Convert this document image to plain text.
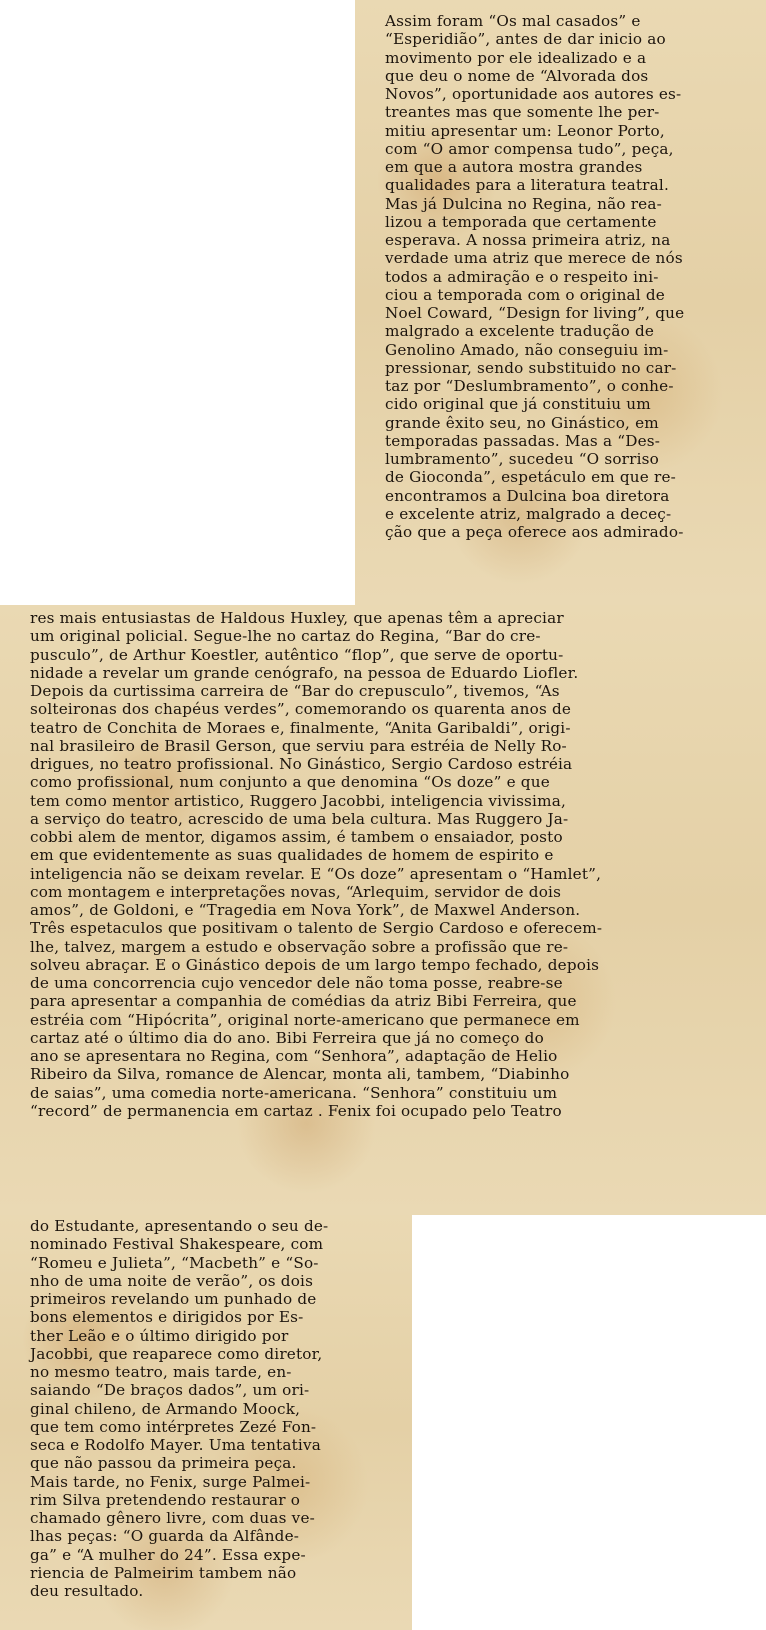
Assim foram “Os mal casados” e
“Esperidião”, antes de dar inicio ao
movimento por ele idealizado e a
que deu o nome de “Alvorada dos
Novos”, oportunidade aos autores es-
treantes mas que somente lhe per-
mitiu apresentar um: Leonor Porto,
com “O amor compensa tudo”, peça,
em que a autora mostra grandes
qualidades para a literatura teatral.
Mas já Dulcina no Regina, não rea-
lizou a temporada que certamente
esperava. A nossa primeira atriz, na
verdade uma atriz que merece de nós
todos a admiração e o respeito ini-
ciou a temporada com o original de
Noel Coward, “Design for living”, que
malgrado a excelente tradução de
Genolino Amado, não conseguiu im-
pressionar, sendo substituido no car-
taz por “Deslumbramento”, o conhe-
cido original que já constituiu um
grande êxito seu, no Ginástico, em
temporadas passadas. Mas a “Des-
lumbramento”, sucedeu “O sorriso
de Gioconda”, espetáculo em que re-
encontramos a Dulcina boa diretora
e excelente atriz, malgrado a deceç-
ção que a peça oferece aos admirado-

res mais entusiastas de Haldous Huxley, que apenas têm a apreciar
um original policial. Segue-lhe no cartaz do Regina, “Bar do cre-
pusculo”, de Arthur Koestler, autêntico “flop”, que serve de oportu-
nidade a revelar um grande cenógrafo, na pessoa de Eduardo Liofler.
Depois da curtissima carreira de “Bar do crepusculo”, tivemos, “As
solteironas dos chapéus verdes”, comemorando os quarenta anos de
teatro de Conchita de Moraes e, finalmente, “Anita Garibaldi”, origi-
nal brasileiro de Brasil Gerson, que serviu para estréia de Nelly Ro-
drigues, no teatro profissional. No Ginástico, Sergio Cardoso estréia
como profissional, num conjunto a que denomina “Os doze” e que
tem como mentor artistico, Ruggero Jacobbi, inteligencia vivissima,
a serviço do teatro, acrescido de uma bela cultura. Mas Ruggero Ja-
cobbi alem de mentor, digamos assim, é tambem o ensaiador, posto
em que evidentemente as suas qualidades de homem de espirito e
inteligencia não se deixam revelar. E “Os doze” apresentam o “Hamlet”,
com montagem e interpretações novas, “Arlequim, servidor de dois
amos”, de Goldoni, e “Tragedia em Nova York”, de Maxwel Anderson.
Três espetaculos que positivam o talento de Sergio Cardoso e oferecem-
lhe, talvez, margem a estudo e observação sobre a profissão que re-
solveu abraçar. E o Ginástico depois de um largo tempo fechado, depois
de uma concorrencia cujo vencedor dele não toma posse, reabre-se
para apresentar a companhia de comédias da atriz Bibi Ferreira, que
estréia com “Hipócrita”, original norte-americano que permanece em
cartaz até o último dia do ano. Bibi Ferreira que já no começo do
ano se apresentara no Regina, com “Senhora”, adaptação de Helio
Ribeiro da Silva, romance de Alencar, monta ali, tambem, “Diabinho
de saias”, uma comedia norte-americana. “Senhora” constituiu um
“record” de permanencia em cartaz . Fenix foi ocupado pelo Teatro

do Estudante, apresentando o seu de-
nominado Festival Shakespeare, com
“Romeu e Julieta”, “Macbeth” e “So-
nho de uma noite de verão”, os dois
primeiros revelando um punhado de
bons elementos e dirigidos por Es-
ther Leão e o último dirigido por
Jacobbi, que reaparece como diretor,
no mesmo teatro, mais tarde, en-
saiando “De braços dados”, um ori-
ginal chileno, de Armando Moock,
que tem como intérpretes Zezé Fon-
seca e Rodolfo Mayer. Uma tentativa
que não passou da primeira peça.
Mais tarde, no Fenix, surge Palmei-
rim Silva pretendendo restaurar o
chamado gênero livre, com duas ve-
lhas peças: “O guarda da Alfânde-
ga” e “A mulher do 24”. Essa expe-
riencia de Palmeirim tambem não
deu resultado.
